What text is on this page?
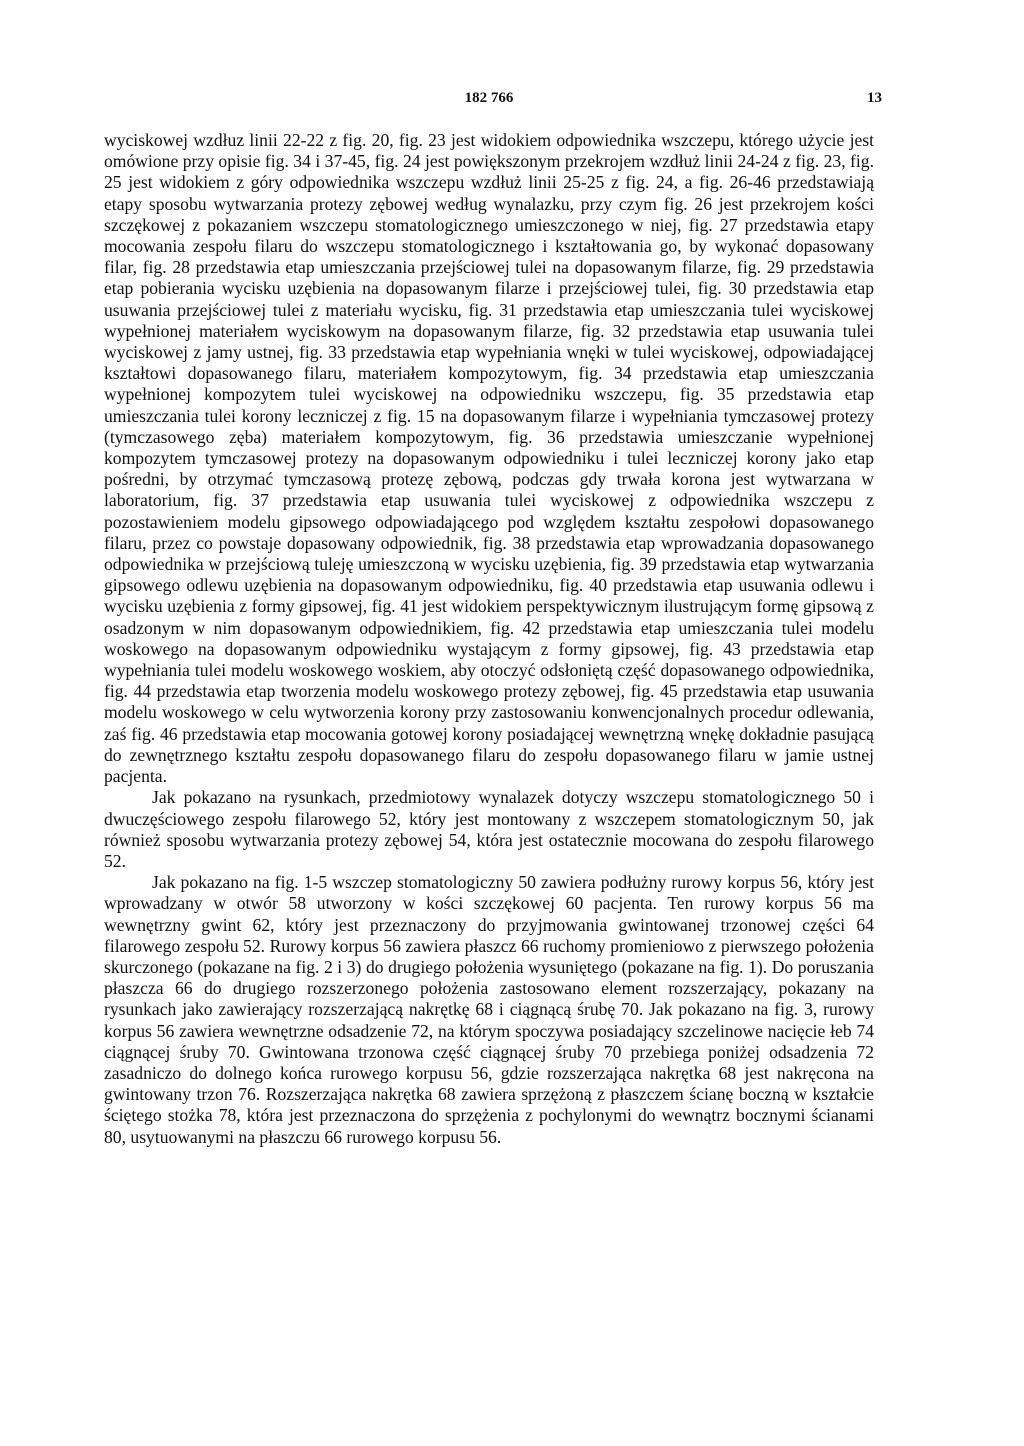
182 766	13

wyciskowej wzdłuz linii 22-22 z fig. 20, fig. 23 jest widokiem odpowiednika wszczepu, którego użycie jest omówione przy opisie fig. 34 i 37-45, fig. 24 jest powiększonym przekrojem wzdłuż linii 24-24 z fig. 23, fig. 25 jest widokiem z góry odpowiednika wszczepu wzdłuż linii 25-25 z fig. 24, a fig. 26-46 przedstawiają etapy sposobu wytwarzania protezy zębowej według wynalazku, przy czym fig. 26 jest przekrojem kości szczękowej z pokazaniem wszczepu stomatologicznego umieszczonego w niej, fig. 27 przedstawia etapy mocowania zespołu filaru do wszczepu stomatologicznego i kształtowania go, by wykonać dopasowany filar, fig. 28 przedstawia etap umieszczania przejściowej tulei na dopasowanym filarze, fig. 29 przedstawia etap pobierania wycisku uzębienia na dopasowanym filarze i przejściowej tulei, fig. 30 przedstawia etap usuwania przejściowej tulei z materiału wycisku, fig. 31 przedstawia etap umieszczania tulei wyciskowej wypełnionej materiałem wyciskowym na dopasowanym filarze, fig. 32 przedstawia etap usuwania tulei wyciskowej z jamy ustnej, fig. 33 przedstawia etap wypełniania wnęki w tulei wyciskowej, odpowiadającej kształtowi dopasowanego filaru, materiałem kompozytowym, fig. 34 przedstawia etap umieszczania wypełnionej kompozytem tulei wyciskowej na odpowiedniku wszczepu, fig. 35 przedstawia etap umieszczania tulei korony leczniczej z fig. 15 na dopasowanym filarze i wypełniania tymczasowej protezy (tymczasowego zęba) materiałem kompozytowym, fig. 36 przedstawia umieszczanie wypełnionej kompozytem tymczasowej protezy na dopasowanym odpowiedniku i tulei leczniczej korony jako etap pośredni, by otrzymać tymczasową protezę zębową, podczas gdy trwała korona jest wytwarzana w laboratorium, fig. 37 przedstawia etap usuwania tulei wyciskowej z odpowiednika wszczepu z pozostawieniem modelu gipsowego odpowiadającego pod względem kształtu zespołowi dopasowanego filaru, przez co powstaje dopasowany odpowiednik, fig. 38 przedstawia etap wprowadzania dopasowanego odpowiednika w przejściową tuleję umieszczoną w wycisku uzębienia, fig. 39 przedstawia etap wytwarzania gipsowego odlewu uzębienia na dopasowanym odpowiedniku, fig. 40 przedstawia etap usuwania odlewu i wycisku uzębienia z formy gipsowej, fig. 41 jest widokiem perspektywicznym ilustrującym formę gipsową z osadzonym w nim dopasowanym odpowiednikiem, fig. 42 przedstawia etap umieszczania tulei modelu woskowego na dopasowanym odpowiedniku wystającym z formy gipsowej, fig. 43 przedstawia etap wypełniania tulei modelu woskowego woskiem, aby otoczyć odsłoniętą część dopasowanego odpowiednika, fig. 44 przedstawia etap tworzenia modelu woskowego protezy zębowej, fig. 45 przedstawia etap usuwania modelu woskowego w celu wytworzenia korony przy zastosowaniu konwencjonalnych procedur odlewania, zaś fig. 46 przedstawia etap mocowania gotowej korony posiadającej wewnętrzną wnękę dokładnie pasującą do zewnętrznego kształtu zespołu dopasowanego filaru do zespołu dopasowanego filaru w jamie ustnej pacjenta.

Jak pokazano na rysunkach, przedmiotowy wynalazek dotyczy wszczepu stomatologicznego 50 i dwuczęściowego zespołu filarowego 52, który jest montowany z wszczepem stomatologicznym 50, jak również sposobu wytwarzania protezy zębowej 54, która jest ostatecznie mocowana do zespołu filarowego 52.

Jak pokazano na fig. 1-5 wszczep stomatologiczny 50 zawiera podłużny rurowy korpus 56, który jest wprowadzany w otwór 58 utworzony w kości szczękowej 60 pacjenta. Ten rurowy korpus 56 ma wewnętrzny gwint 62, który jest przeznaczony do przyjmowania gwintowanej trzonowej części 64 filarowego zespołu 52. Rurowy korpus 56 zawiera płaszcz 66 ruchomy promieniowo z pierwszego położenia skurczonego (pokazane na fig. 2 i 3) do drugiego położenia wysuniętego (pokazane na fig. 1). Do poruszania płaszcza 66 do drugiego rozszerzonego położenia zastosowano element rozszerzający, pokazany na rysunkach jako zawierający rozszerzającą nakrętkę 68 i ciągnącą śrubę 70. Jak pokazano na fig. 3, rurowy korpus 56 zawiera wewnętrzne odsadzenie 72, na którym spoczywa posiadający szczelinowe nacięcie łeb 74 ciągnącej śruby 70. Gwintowana trzonowa część ciągnącej śruby 70 przebiega poniżej odsadzenia 72 zasadniczo do dolnego końca rurowego korpusu 56, gdzie rozszerzająca nakrętka 68 jest nakręcona na gwintowany trzon 76. Rozszerzająca nakrętka 68 zawiera sprzężoną z płaszczem ścianę boczną w kształcie ściętego stożka 78, która jest przeznaczona do sprzężenia z pochylonymi do wewnątrz bocznymi ścianami 80, usytuowanymi na płaszczu 66 rurowego korpusu 56.
